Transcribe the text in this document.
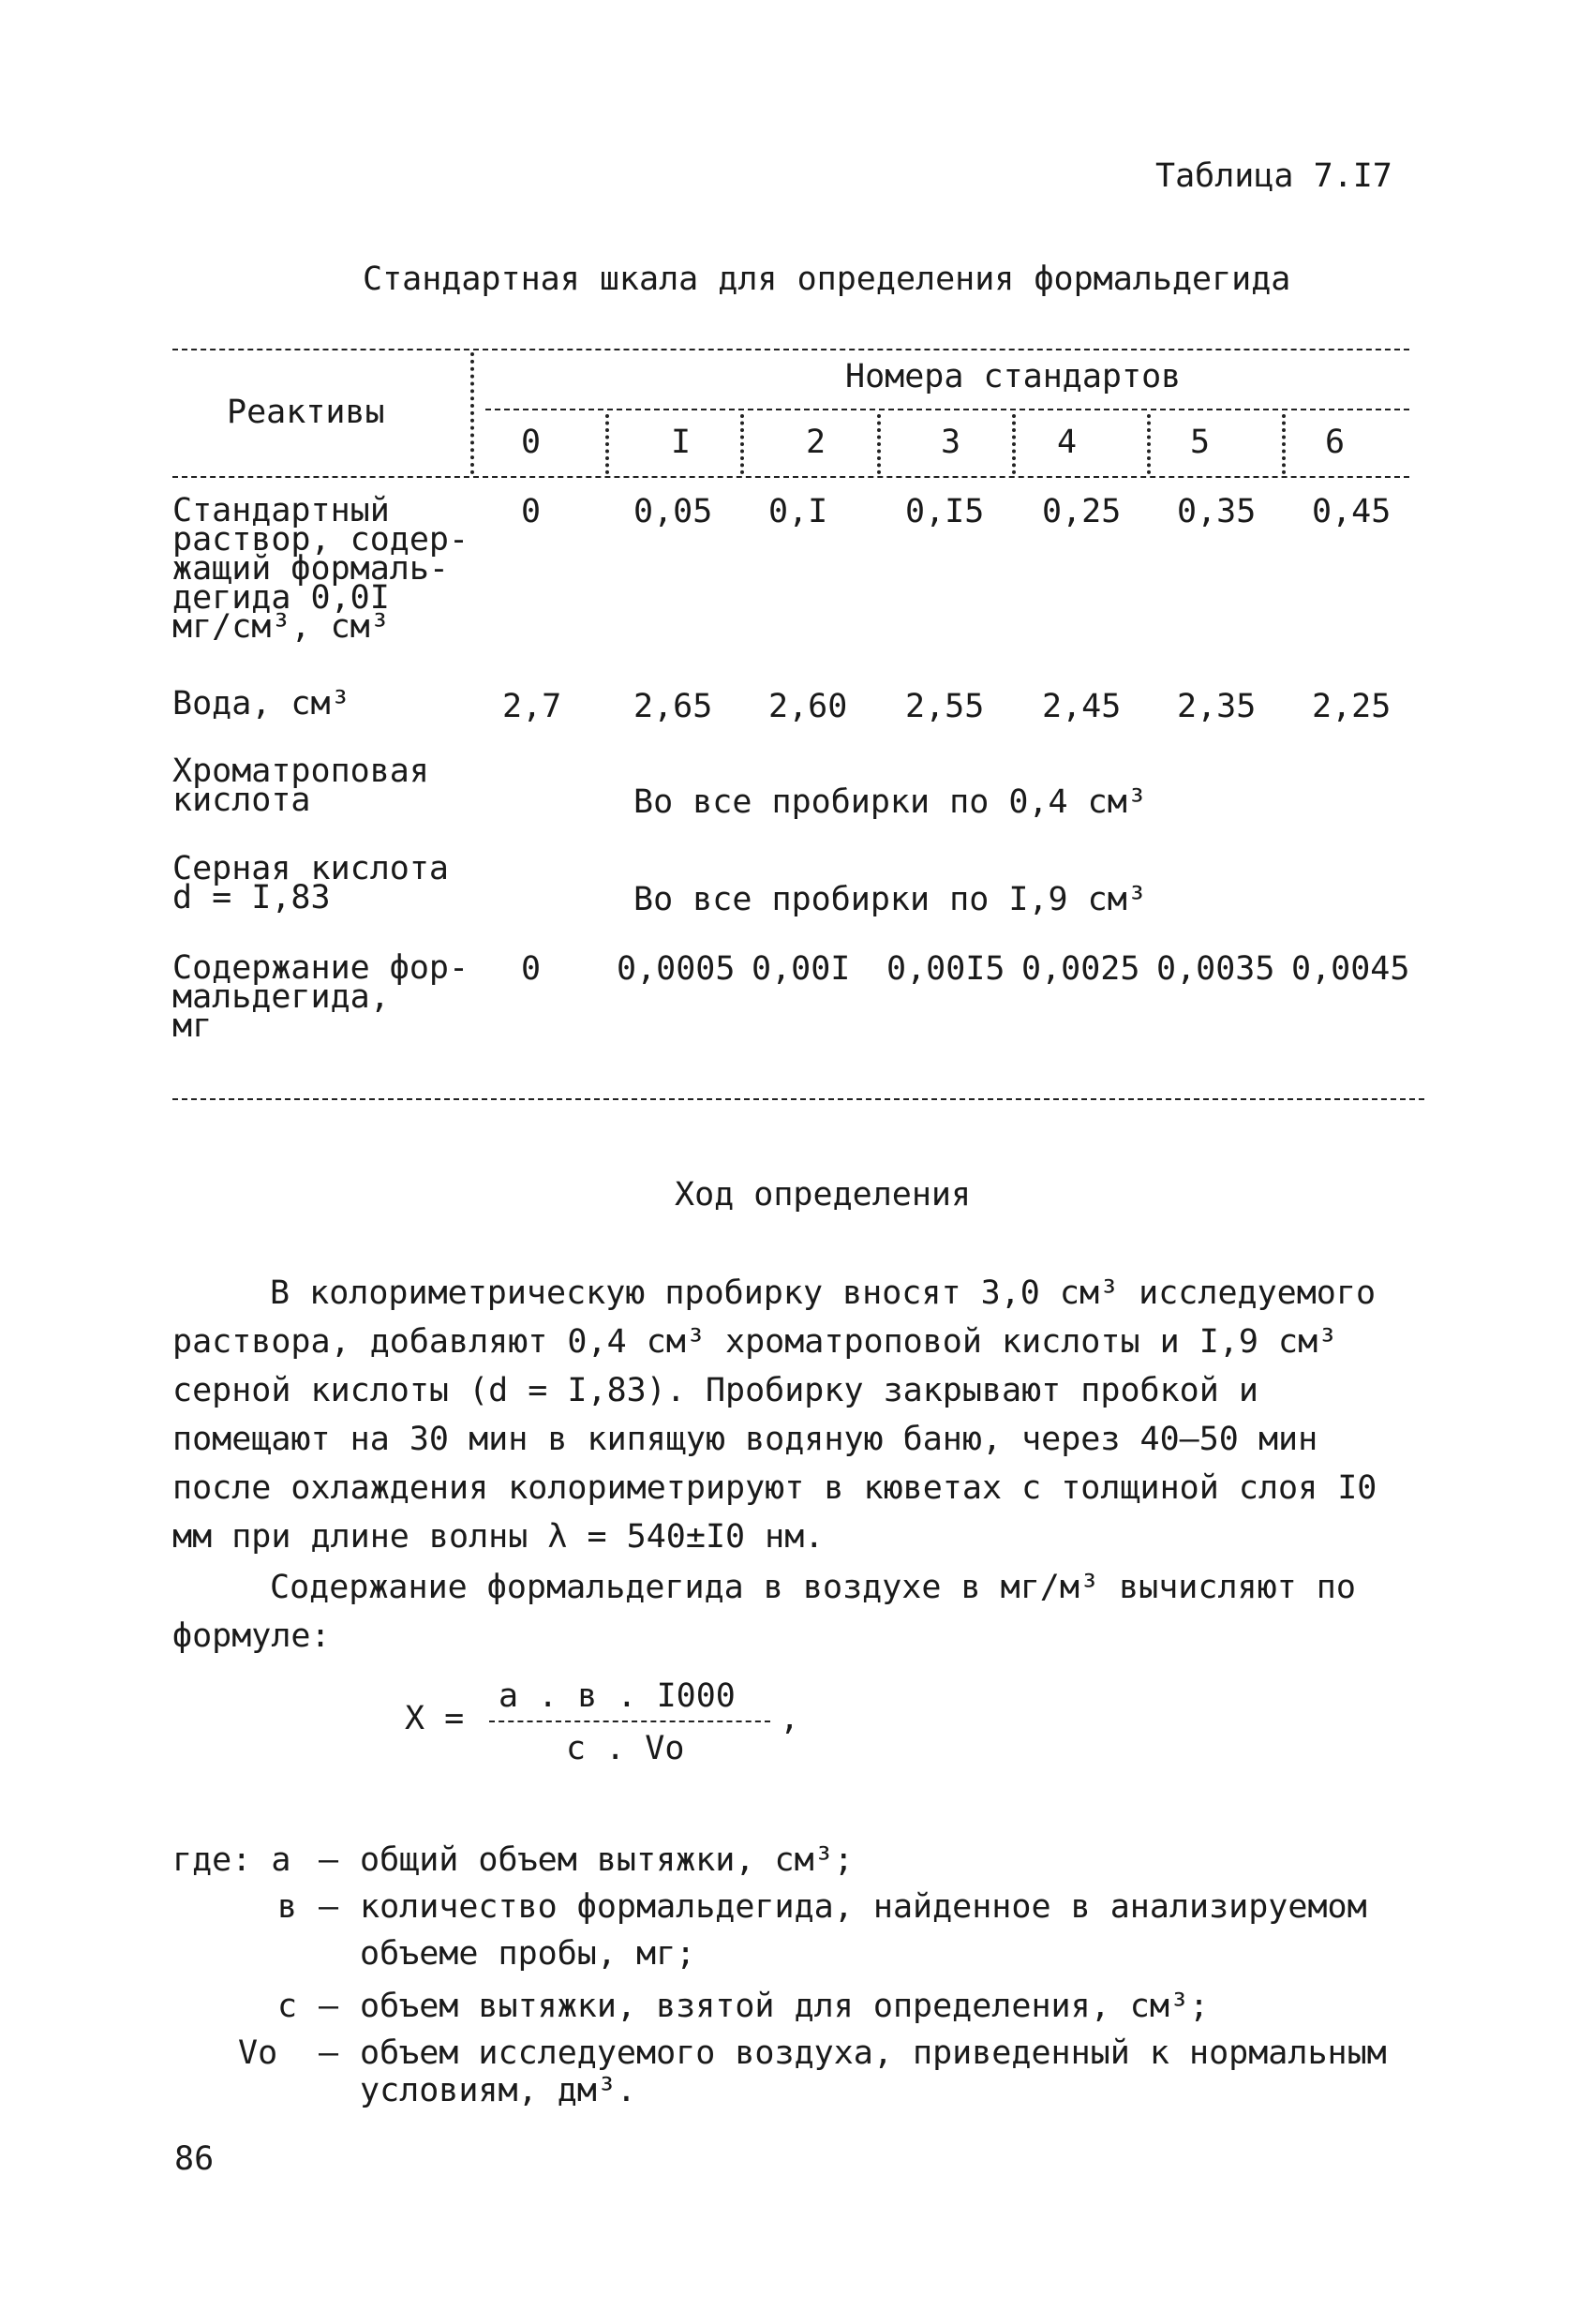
Таблица 7.I7
Стандартная шкала для определения формальдегида
Реактивы
Номера стандартов
0	I	2	3	4	5	6
Стандартный
раствор, содер-
жащий формаль-
дегида 0,0I
мг/см³, см³
0	0,05 0,I 0,I5 0,25 0,35 0,45
Вода, см³	2,7 2,65 2,60 2,55 2,45 2,35 2,25
Хроматроповая
кислота	Во все пробирки по 0,4 см³
Серная кислота
d = I,83	Во все пробирки по I,9 см³
Содержание фор-
мальдегида,
мг
0 0,0005 0,00I 0,00I5 0,0025 0,0035 0,0045
Ход определения
В колориметрическую пробирку вносят 3,0 см³ исследуемого раствора, добавляют 0,4 см³ хроматроповой кислоты и I,9 см³ серной кислоты (d = I,83). Пробирку закрывают пробкой и помещают на 30 мин в кипящую водяную баню, через 40–50 мин после охлаждения колориметрируют в кюветах с толщиной слоя I0 мм при длине волны λ = 540±I0 нм.
Содержание формальдегида в воздухе в мг/м³ вычисляют по формуле:
X =
а . в . I000
с . Vо
,
где: а – общий объем вытяжки, см³;
в – количество формальдегида, найденное в анализируемом
объеме пробы, мг;
с – объем вытяжки, взятой для определения, см³;
Vо – объем исследуемого воздуха, приведенный к нормальным
условиям, дм³.
86
